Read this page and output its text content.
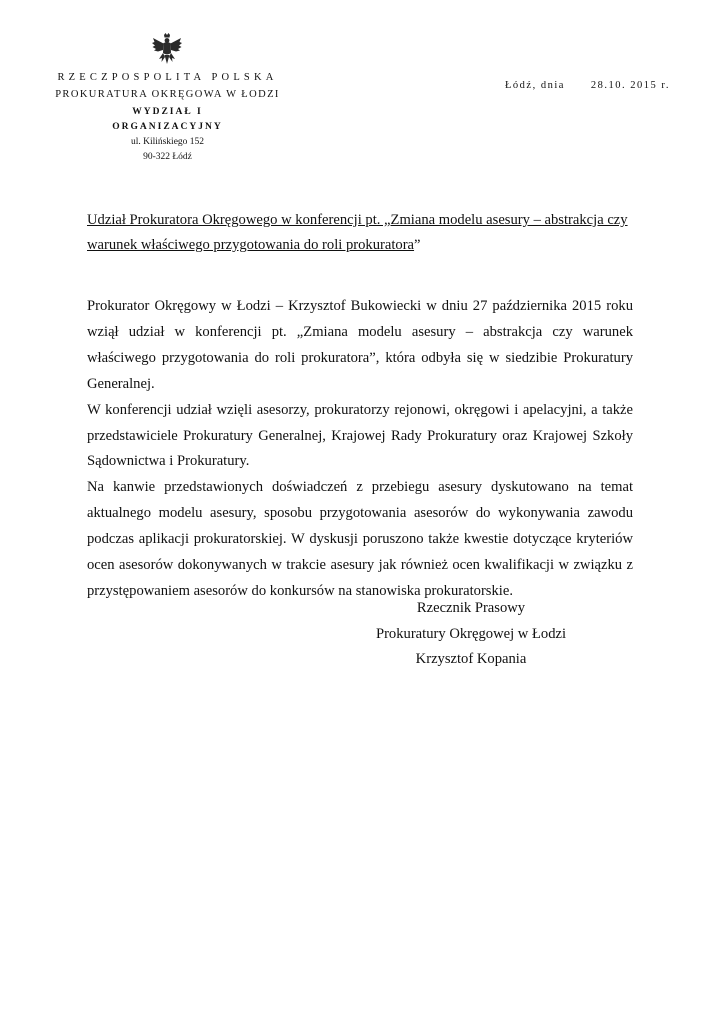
RZECZPOSPOLITA POLSKA
PROKURATURA OKRĘGOWA W ŁODZI
WYDZIAŁ I
ORGANIZACYJNY
ul. Kilińskiego 152
90-322 Łódź
Łódź, dnia 28.10. 2015 r.
Udział Prokuratora Okręgowego w konferencji pt. „Zmiana modelu asesury – abstrakcja czy warunek właściwego przygotowania do roli prokuratora”

Prokurator Okręgowy w Łodzi – Krzysztof Bukowiecki w dniu 27 października 2015 roku wziął udział w konferencji pt. „Zmiana modelu asesury – abstrakcja czy warunek właściwego przygotowania do roli prokuratora”, która odbyła się w siedzibie Prokuratury Generalnej.

W konferencji udział wzięli asesorzy, prokuratorzy rejonowi, okręgowi i apelacyjni, a także przedstawiciele Prokuratury Generalnej, Krajowej Rady Prokuratury oraz Krajowej Szkoły Sądownictwa i Prokuratury.

Na kanwie przedstawionych doświadczeń z przebiegu asesury dyskutowano na temat aktualnego modelu asesury, sposobu przygotowania asesorów do wykonywania zawodu podczas aplikacji prokuratorskiej. W dyskusji poruszono także kwestie dotyczące kryteriów ocen asesorów dokonywanych w trakcie asesury jak również ocen kwalifikacji w związku z przystępowaniem asesorów do konkursów na stanowiska prokuratorskie.

Rzecznik Prasowy
Prokuratury Okręgowej w Łodzi
Krzysztof Kopania
